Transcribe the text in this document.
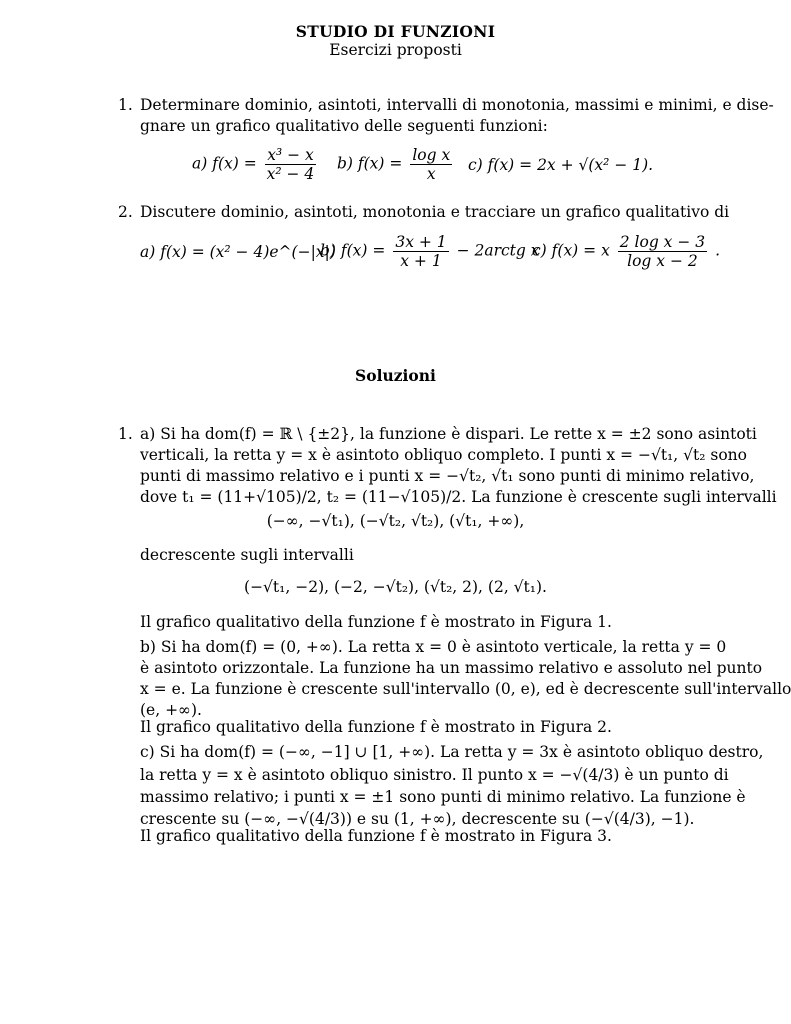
STUDIO DI FUNZIONI
Esercizi proposti
1. Determinare dominio, asintoti, intervalli di monotonia, massimi e minimi, e dise-
gnare un grafico qualitativo delle seguenti funzioni:
a) $f(x) = \frac{\text{x³ − x}}{\text{x² − 4}} b$) $f(x) = \frac{\text{log x}}{x} c$) f(x) = 2x + √(x² − 1).
2. Discutere dominio, asintoti, monotonia e tracciare un grafico qualitativo di
a) f(x) = (x² − 4)e^(−|x|)
b) $f(x) = \frac{3x + 1}{x + 1}$ − 2arctg x
c) f(x) = x $\frac{\text{2 log x − 3}}{\text{log x − 2}}$ .
Soluzioni
1. a) Si ha dom(f) = ℝ \ {±2}, la funzione è dispari. Le rette x = ±2 sono asintoti
verticali, la retta y = x è asintoto obliquo completo. I punti x = −√t₁, √t₂ sono
punti di massimo relativo e i punti x = −√t₂, √t₁ sono punti di minimo relativo,
dove t₁ = (11+√105)/2, t₂ = (11−√105)/2. La funzione è crescente sugli intervalli
(−∞, −√t₁), (−√t₂, √t₂), (√t₁, +∞),
decrescente sugli intervalli
(−√t₁, −2), (−2, −√t₂), (√t₂, 2), (2, √t₁).
Il grafico qualitativo della funzione f è mostrato in Figura 1.
b) Si ha dom(f) = (0, +∞). La retta x = 0 è asintoto verticale, la retta y = 0
è asintoto orizzontale. La funzione ha un massimo relativo e assoluto nel punto
x = e. La funzione è crescente sull'intervallo (0, e), ed è decrescente sull'intervallo
(e, +∞).
Il grafico qualitativo della funzione f è mostrato in Figura 2.
c) Si ha dom(f) = (−∞, −1] ∪ [1, +∞). La retta y = 3x è asintoto obliquo destro,
la retta y = x è asintoto obliquo sinistro. Il punto x = −√(4/3) è un punto di
massimo relativo; i punti x = ±1 sono punti di minimo relativo. La funzione è
crescente su (−∞, −√(4/3)) e su (1, +∞), decrescente su (−√(4/3), −1).
Il grafico qualitativo della funzione f è mostrato in Figura 3.
